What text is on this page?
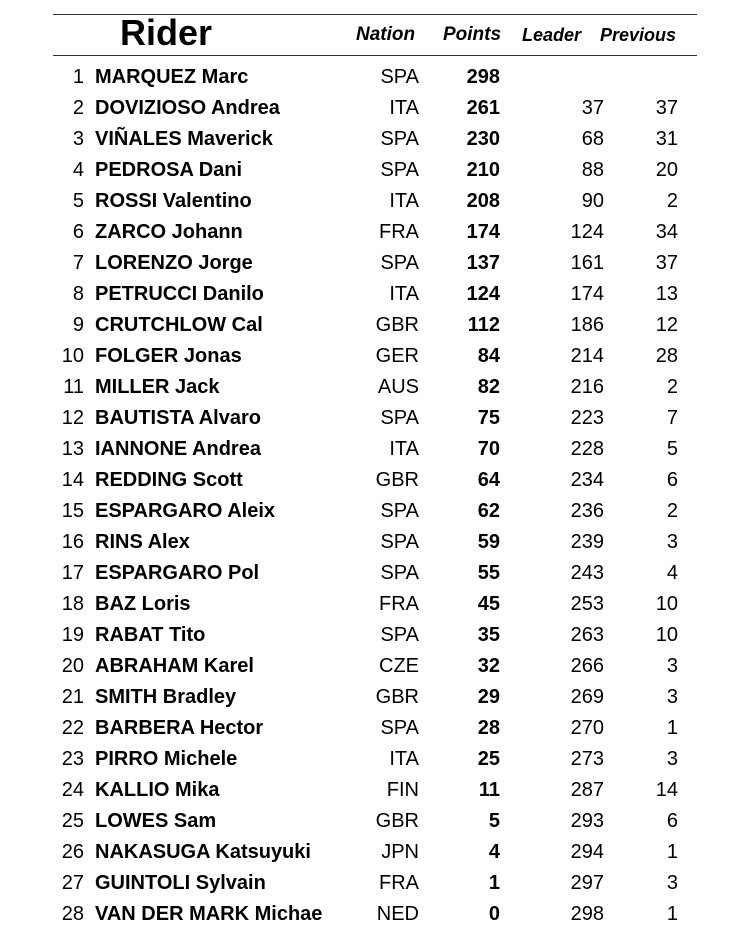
Rider	Nation Points Leader Previous
1 MARQUEZ Marc	SPA	298
2 DOVIZIOSO Andrea	ITA	261	37	37
3 VIÑALES Maverick	SPA	230	68	31
4 PEDROSA Dani	SPA	210	88	20
5 ROSSI Valentino	ITA	208	90	2
6 ZARCO Johann	FRA	174	124	34
7 LORENZO Jorge	SPA	137	161	37
8 PETRUCCI Danilo	ITA	124	174	13
9 CRUTCHLOW Cal	GBR	112	186	12
10 FOLGER Jonas	GER	84	214	28
11 MILLER Jack	AUS	82	216	2
12 BAUTISTA Alvaro	SPA	75	223	7
13 IANNONE Andrea	ITA	70	228	5
14 REDDING Scott	GBR	64	234	6
15 ESPARGARO Aleix	SPA	62	236	2
16 RINS Alex	SPA	59	239	3
17 ESPARGARO Pol	SPA	55	243	4
18 BAZ Loris	FRA	45	253	10
19 RABAT Tito	SPA	35	263	10
20 ABRAHAM Karel	CZE	32	266	3
21 SMITH Bradley	GBR	29	269	3
22 BARBERA Hector	SPA	28	270	1
23 PIRRO Michele	ITA	25	273	3
24 KALLIO Mika	FIN	11	287	14
25 LOWES Sam	GBR	5	293	6
26 NAKASUGA Katsuyuki	JPN	4	294	1
27 GUINTOLI Sylvain	FRA	1	297	3
28 VAN DER MARK Michae	NED	0	298	1
